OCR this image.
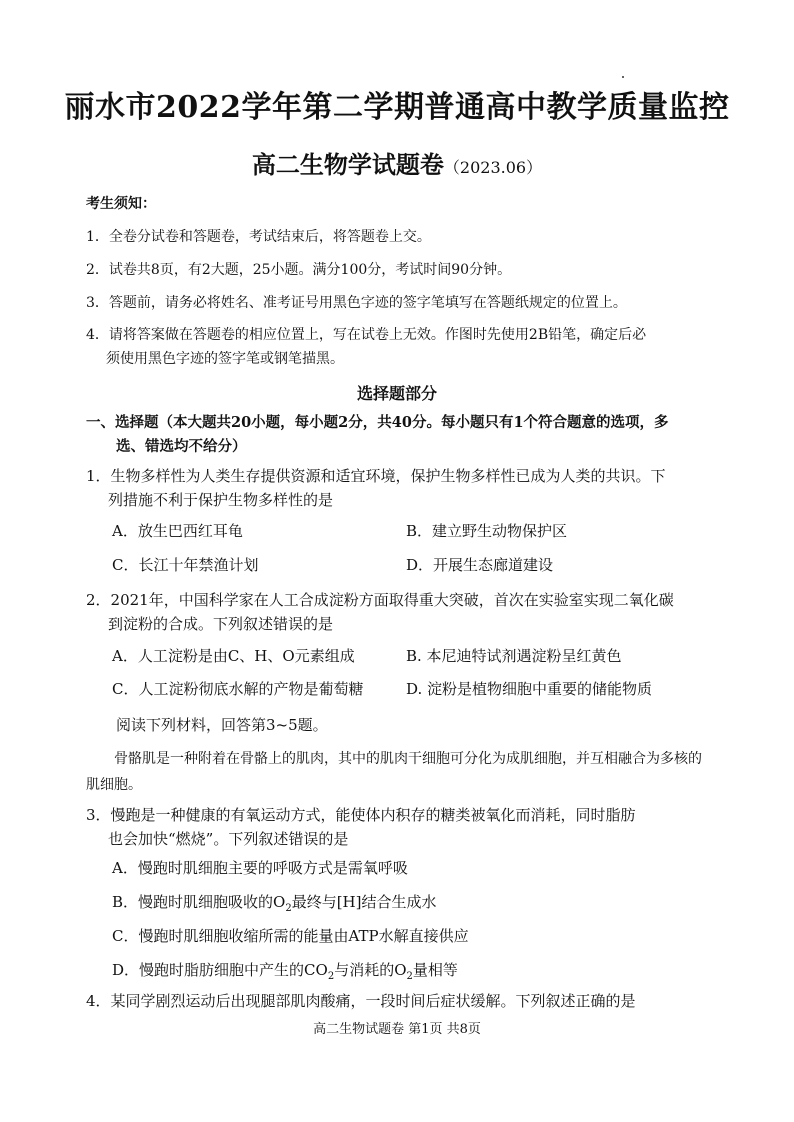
丽水市2022学年第二学期普通高中教学质量监控
高二生物学试题卷（2023.06）
考生须知：
1．全卷分试卷和答题卷，考试结束后，将答题卷上交。
2．试卷共8页，有2大题，25小题。满分100分，考试时间90分钟。
3．答题前，请务必将姓名、准考证号用黑色字迹的签字笔填写在答题纸规定的位置上。
4．请将答案做在答题卷的相应位置上，写在试卷上无效。作图时先使用2B铅笔，确定后必
须使用黑色字迹的签字笔或钢笔描黑。
选择题部分
一、选择题（本大题共20小题，每小题2分，共40分。每小题只有1个符合题意的选项，多
选、错选均不给分）
1．生物多样性为人类生存提供资源和适宜环境，保护生物多样性已成为人类的共识。下
列措施不利于保护生物多样性的是
A．放生巴西红耳龟	B．建立野生动物保护区
C．长江十年禁渔计划	D．开展生态廊道建设
2．2021年，中国科学家在人工合成淀粉方面取得重大突破，首次在实验室实现二氧化碳
到淀粉的合成。下列叙述错误的是
A．人工淀粉是由C、H、O元素组成	B. 本尼迪特试剂遇淀粉呈红黄色
C．人工淀粉彻底水解的产物是葡萄糖	D. 淀粉是植物细胞中重要的储能物质
阅读下列材料，回答第3~5题。
骨骼肌是一种附着在骨骼上的肌肉，其中的肌肉干细胞可分化为成肌细胞，并互相融合为多核的肌细胞。
3．慢跑是一种健康的有氧运动方式，能使体内积存的糖类被氧化而消耗，同时脂肪
也会加快“燃烧”。下列叙述错误的是
A．慢跑时肌细胞主要的呼吸方式是需氧呼吸
B．慢跑时肌细胞吸收的$O_2$最终与[H]结合生成水
C．慢跑时肌细胞收缩所需的能量由ATP水解直接供应
D．慢跑时脂肪细胞中产生的$CO_2$与消耗的$O_2$量相等
4．某同学剧烈运动后出现腿部肌肉酸痛，一段时间后症状缓解。下列叙述正确的是
高二生物试题卷 第1页 共8页
